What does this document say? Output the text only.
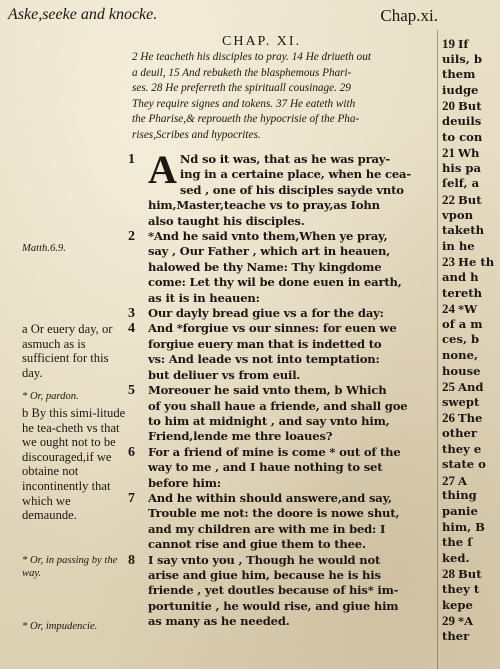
Aske,seeke and knocke.	Chap.xi.
CHAP. XI.
2 He teacheth his disciples to pray. 14 He driueth out
a deuil, 15 And rebuketh the blasphemous Phari-
ses. 28 He preferreth the spirituall cousinage. 29
They require signes and tokens. 37 He eateth with
the Pharise,& reproueth the hypocrisie of the Pha-
rises,Scribes and hypocrites.
1 A Nd so it was, that as he was pray-
ing in a certaine place, when he cea-
sed , one of his disciples sayde vnto
him,Master,teache vs to pray,as Iohn
also taught his disciples.
2	*And he said vnto them,When ye pray,
say , Our Father , which art in heauen,
halowed be thy Name: Thy kingdome
come: Let thy wil be done euen in earth,
as it is in heauen:
3	Our dayly bread giue vs a for the day:
4	And *forgiue vs our sinnes: for euen we
forgiue euery man that is indetted to
vs: And leade vs not into temptation:
but deliuer vs from euil.
5	Moreouer he said vnto them, b Which
of you shall haue a friende, and shall goe
to him at midnight , and say vnto him,
Friend,lende me thre loaues?
6	For a friend of mine is come * out of the
way to me , and I haue nothing to set
before him:
7	And he within should answere,and say,
Trouble me not: the doore is nowe shut,
and my children are with me in bed: I
cannot rise and giue them to thee.
8	I say vnto you , Though he would not
arise and giue him, because he is his
friende , yet doutles because of his* im-
portunitie , he would rise, and giue him
as many as he needed.
Matth.6.9.
a Or euery day, or asmuch as is sufficient for this day.
* Or, pardon.
b By this simi-litude he tea-cheth vs that we ought not to be discouraged,if we obtaine not incontinently that which we demaunde.
* Or, in passing by the way.
* Or, impudencie.
19 If
uils, b
them
iudge
20 But
deuils
to con
21 Wh
his pa
ſelf, a
22 But
vpon
taketh
in he
23 He th
and h
tereth
24 *W
of a m
ces, b
none,
house
25 And
swept
26 The
other
they e
state o
27 A
thing
panie
him, B
the ſ
ked.
28 But
they t
kepe
29 *A
ther
